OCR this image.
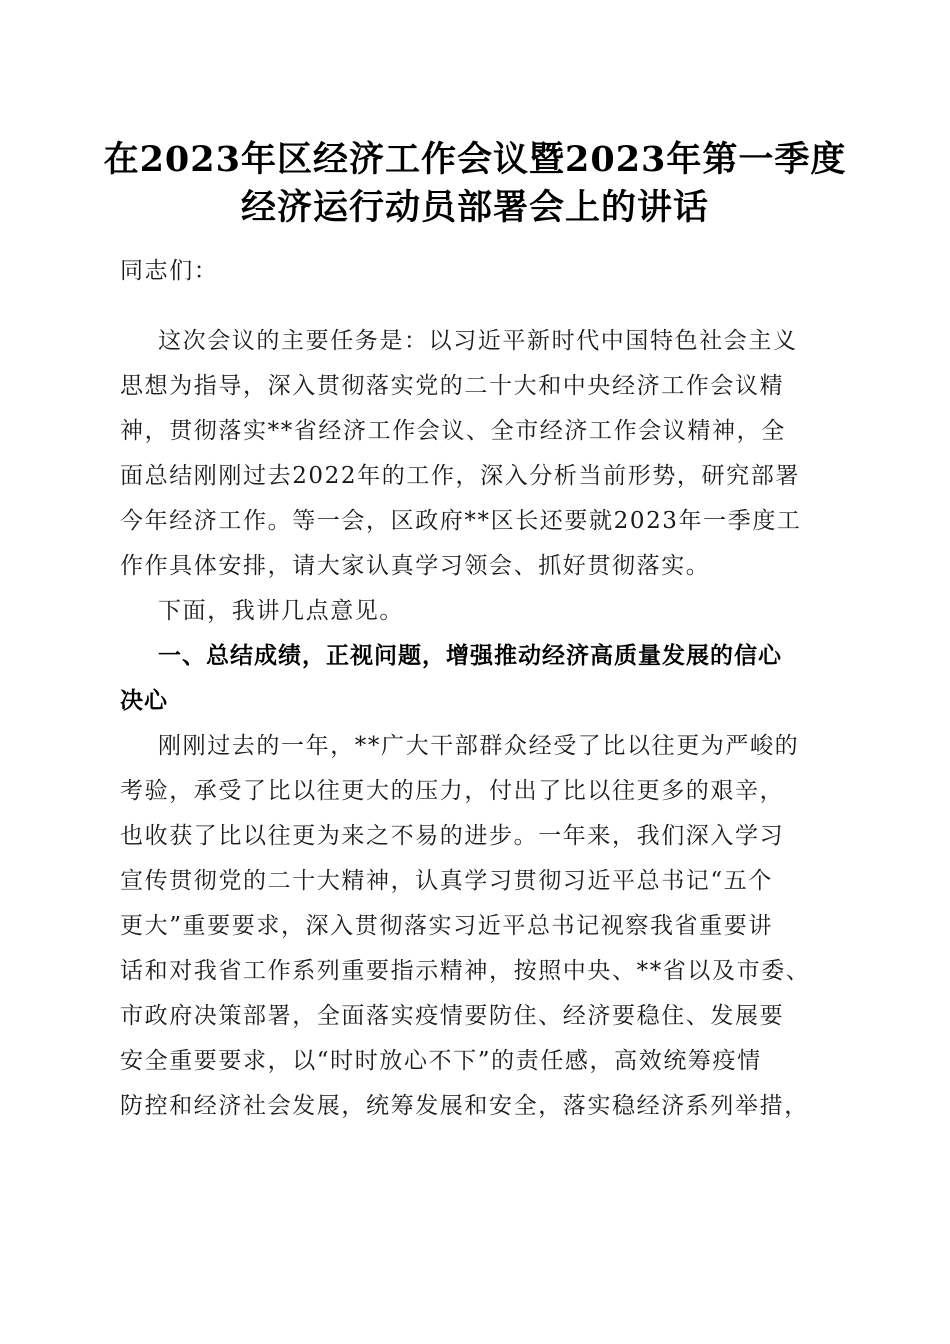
在2023年区经济工作会议暨2023年第一季度
经济运行动员部署会上的讲话
同志们：
这次会议的主要任务是：以习近平新时代中国特色社会主义
思想为指导，深入贯彻落实党的二十大和中央经济工作会议精
神，贯彻落实**省经济工作会议、全市经济工作会议精神，全
面总结刚刚过去2022年的工作，深入分析当前形势，研究部署
今年经济工作。等一会，区政府**区长还要就2023年一季度工
作作具体安排，请大家认真学习领会、抓好贯彻落实。
下面，我讲几点意见。
一、总结成绩，正视问题，增强推动经济高质量发展的信心
决心
刚刚过去的一年，**广大干部群众经受了比以往更为严峻的
考验，承受了比以往更大的压力，付出了比以往更多的艰辛，
也收获了比以往更为来之不易的进步。一年来，我们深入学习
宣传贯彻党的二十大精神，认真学习贯彻习近平总书记“五个
更大”重要要求，深入贯彻落实习近平总书记视察我省重要讲
话和对我省工作系列重要指示精神，按照中央、**省以及市委、
市政府决策部署，全面落实疫情要防住、经济要稳住、发展要
安全重要要求，以“时时放心不下”的责任感，高效统筹疫情
防控和经济社会发展，统筹发展和安全，落实稳经济系列举措，
